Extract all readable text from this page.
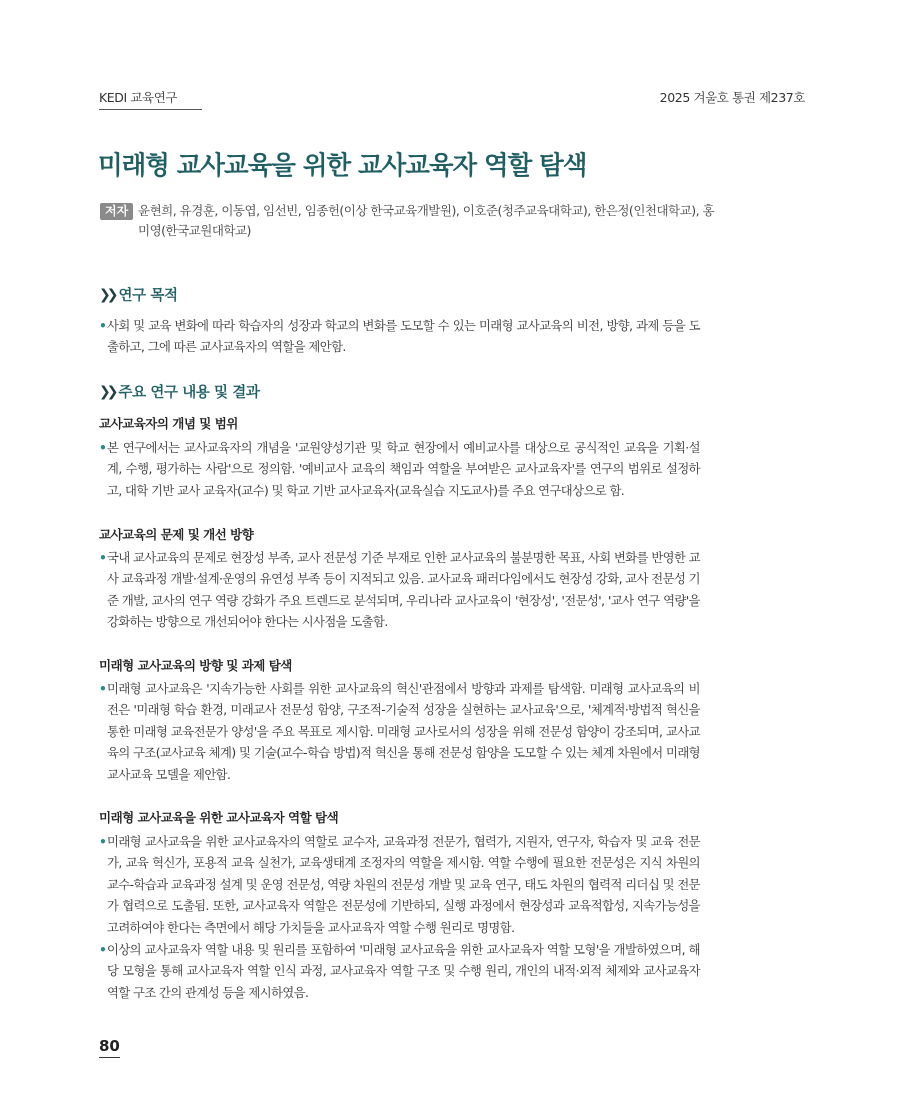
KEDI 교육연구	2025 겨울호 통권 제237호
미래형 교사교육을 위한 교사교육자 역할 탐색
저자 윤현희, 유경훈, 이동엽, 임선빈, 임종헌(이상 한국교육개발원), 이호준(청주교육대학교), 한은정(인천대학교), 홍미영(한국교원대학교)
❯❯ 연구 목적
• 사회 및 교육 변화에 따라 학습자의 성장과 학교의 변화를 도모할 수 있는 미래형 교사교육의 비전, 방향, 과제 등을 도출하고, 그에 따른 교사교육자의 역할을 제안함.
❯❯ 주요 연구 내용 및 결과
교사교육자의 개념 및 범위
• 본 연구에서는 교사교육자의 개념을 '교원양성기관 및 학교 현장에서 예비교사를 대상으로 공식적인 교육을 기획·설계, 수행, 평가하는 사람'으로 정의함. '예비교사 교육의 책임과 역할을 부여받은 교사교육자'를 연구의 범위로 설정하고, 대학 기반 교사 교육자(교수) 및 학교 기반 교사교육자(교육실습 지도교사)를 주요 연구대상으로 함.
교사교육의 문제 및 개선 방향
• 국내 교사교육의 문제로 현장성 부족, 교사 전문성 기준 부재로 인한 교사교육의 불분명한 목표, 사회 변화를 반영한 교사 교육과정 개발·설계·운영의 유연성 부족 등이 지적되고 있음. 교사교육 패러다임에서도 현장성 강화, 교사 전문성 기준 개발, 교사의 연구 역량 강화가 주요 트렌드로 분석되며, 우리나라 교사교육이 '현장성', '전문성', '교사 연구 역량'을 강화하는 방향으로 개선되어야 한다는 시사점을 도출함.
미래형 교사교육의 방향 및 과제 탐색
• 미래형 교사교육은 '지속가능한 사회를 위한 교사교육의 혁신'관점에서 방향과 과제를 탐색함. 미래형 교사교육의 비전은 '미래형 학습 환경, 미래교사 전문성 함양, 구조적-기술적 성장을 실현하는 교사교육'으로, '체계적·방법적 혁신을 통한 미래형 교육전문가 양성'을 주요 목표로 제시함. 미래형 교사로서의 성장을 위해 전문성 함양이 강조되며, 교사교육의 구조(교사교육 체계) 및 기술(교수-학습 방법)적 혁신을 통해 전문성 함양을 도모할 수 있는 체계 차원에서 미래형 교사교육 모델을 제안함.
미래형 교사교육을 위한 교사교육자 역할 탐색
• 미래형 교사교육을 위한 교사교육자의 역할로 교수자, 교육과정 전문가, 협력가, 지원자, 연구자, 학습자 및 교육 전문가, 교육 혁신가, 포용적 교육 실천가, 교육생태계 조정자의 역할을 제시함. 역할 수행에 필요한 전문성은 지식 차원의 교수-학습과 교육과정 설계 및 운영 전문성, 역량 차원의 전문성 개발 및 교육 연구, 태도 차원의 협력적 리더십 및 전문가 협력으로 도출됨. 또한, 교사교육자 역할은 전문성에 기반하되, 실행 과정에서 현장성과 교육적합성, 지속가능성을 고려하여야 한다는 측면에서 해당 가치들을 교사교육자 역할 수행 원리로 명명함.
• 이상의 교사교육자 역할 내용 및 원리를 포함하여 '미래형 교사교육을 위한 교사교육자 역할 모형'을 개발하였으며, 해당 모형을 통해 교사교육자 역할 인식 과정, 교사교육자 역할 구조 및 수행 원리, 개인의 내적·외적 체제와 교사교육자 역할 구조 간의 관계성 등을 제시하였음.
80
